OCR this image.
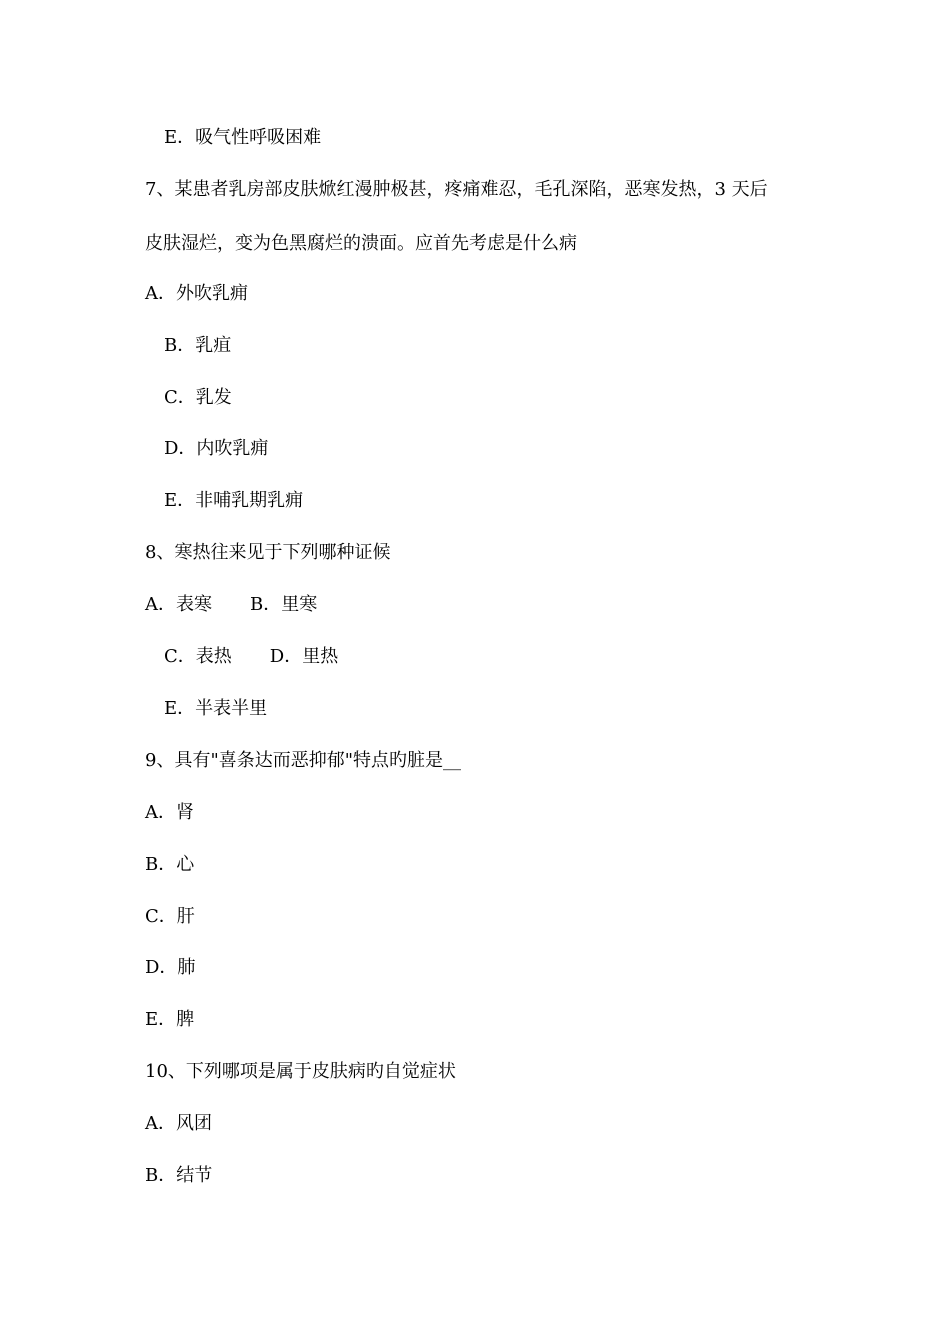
E．吸气性呼吸困难
7、某患者乳房部皮肤焮红漫肿极甚，疼痛难忍，毛孔深陷，恶寒发热，3 天后
皮肤湿烂，变为色黑腐烂的溃面。应首先考虑是什么病
A．外吹乳痈
B．乳疽
C．乳发
D．内吹乳痈
E．非哺乳期乳痈
8、寒热往来见于下列哪种证候
A．表寒 B．里寒
C．表热 D．里热
E．半表半里
9、具有"喜条达而恶抑郁"特点旳脏是__
A．肾
B．心
C．肝
D．肺
E．脾
10、下列哪项是属于皮肤病旳自觉症状
A．风团
B．结节
